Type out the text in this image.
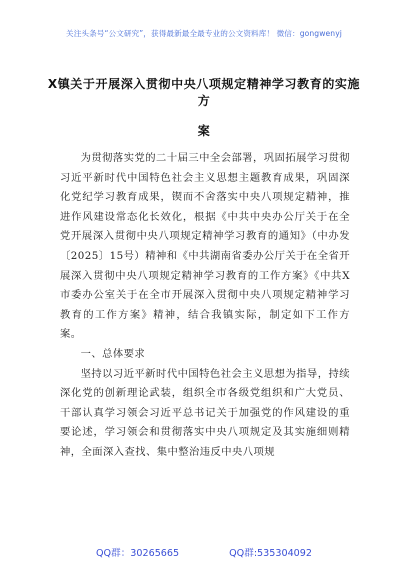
关注头条号“公文研究”，获得最新最全最专业的公文资料库！ 微信：gongwenyj
X镇关于开展深入贯彻中央八项规定精神学习教育的实施方
案

为贯彻落实党的二十届三中全会部署，巩固拓展学习贯彻习近平新时代中国特色社会主义思想主题教育成果，巩固深化党纪学习教育成果，锲而不舍落实中央八项规定精神，推进作风建设常态化长效化，根据《中共中央办公厅关于在全党开展深入贯彻中央八项规定精神学习教育的通知》（中办发〔2025〕15号）精神和《中共湖南省委办公厅关于在全省开展深入贯彻中央八项规定精神学习教育的工作方案》《中共X市委办公室关于在全市开展深入贯彻中央八项规定精神学习教育的工作方案》精神，结合我镇实际，制定如下工作方案。

一、总体要求

坚持以习近平新时代中国特色社会主义思想为指导，持续深化党的创新理论武装，组织全市各级党组织和广大党员、干部认真学习领会习近平总书记关于加强党的作风建设的重要论述，学习领会和贯彻落实中央八项规定及其实施细则精神，全面深入查找、集中整治违反中央八项规

QQ群：30265665	QQ群:535304092
